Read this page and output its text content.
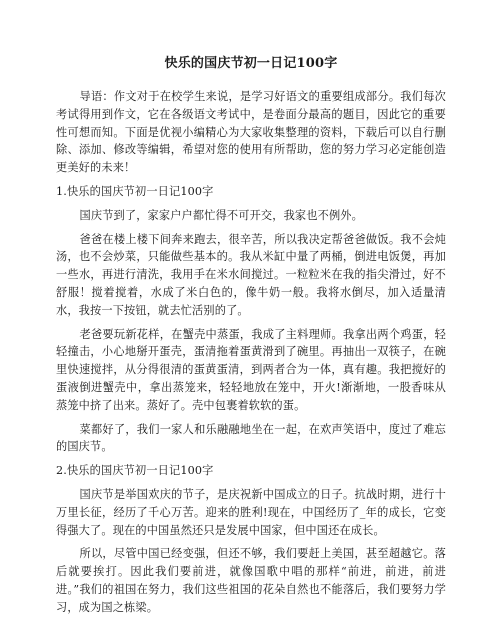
快乐的国庆节初一日记100字

导语：作文对于在校学生来说，是学习好语文的重要组成部分。我们每次考试得用到作文，它在各级语文考试中，是卷面分最高的题目，因此它的重要性可想而知。下面是优视小编精心为大家收集整理的资料，下载后可以自行删除、添加、修改等编辑，希望对您的使用有所帮助，您的努力学习必定能创造更美好的未来！

1.快乐的国庆节初一日记100字

国庆节到了，家家户户都忙得不可开交，我家也不例外。

爸爸在楼上楼下间奔来跑去，很辛苦，所以我决定帮爸爸做饭。我不会炖汤，也不会炒菜，只能做些基本的。我从米缸中量了两桶，倒进电饭煲，再加一些水，再进行清洗，我用手在米水间搅过。一粒粒米在我的指尖滑过，好不舒服！搅着搅着，水成了米白色的，像牛奶一般。我将水倒尽，加入适量清水，我按一下按钮，就去忙活别的了。

老爸要玩新花样，在蟹壳中蒸蛋，我成了主料理师。我拿出两个鸡蛋，轻轻撞击，小心地掰开蛋壳，蛋清拖着蛋黄滑到了碗里。再抽出一双筷子，在碗里快速搅拌，从分得很清的蛋黄蛋清，到两者合为一体，真有趣。我把搅好的蛋液倒进蟹壳中，拿出蒸笼来，轻轻地放在笼中，开火!渐渐地，一股香味从蒸笼中挤了出来。蒸好了。壳中包裹着软软的蛋。

菜都好了，我们一家人和乐融融地坐在一起，在欢声笑语中，度过了难忘的国庆节。

2.快乐的国庆节初一日记100字

国庆节是举国欢庆的节子，是庆祝新中国成立的日子。抗战时期，进行十万里长征，经历了千心万苦。迎来的胜利!现在，中国经历了_年的成长，它变得强大了。现在的中国虽然还只是发展中国家，但中国还在成长。

所以，尽管中国已经变强，但还不够，我们要赶上美国，甚至超越它。落后就要挨打。因此我们要前进，就像国歌中唱的那样“前进，前进，前进进。”我们的祖国在努力，我们这些祖国的花朵自然也不能落后，我们要努力学习，成为国之栋梁。
